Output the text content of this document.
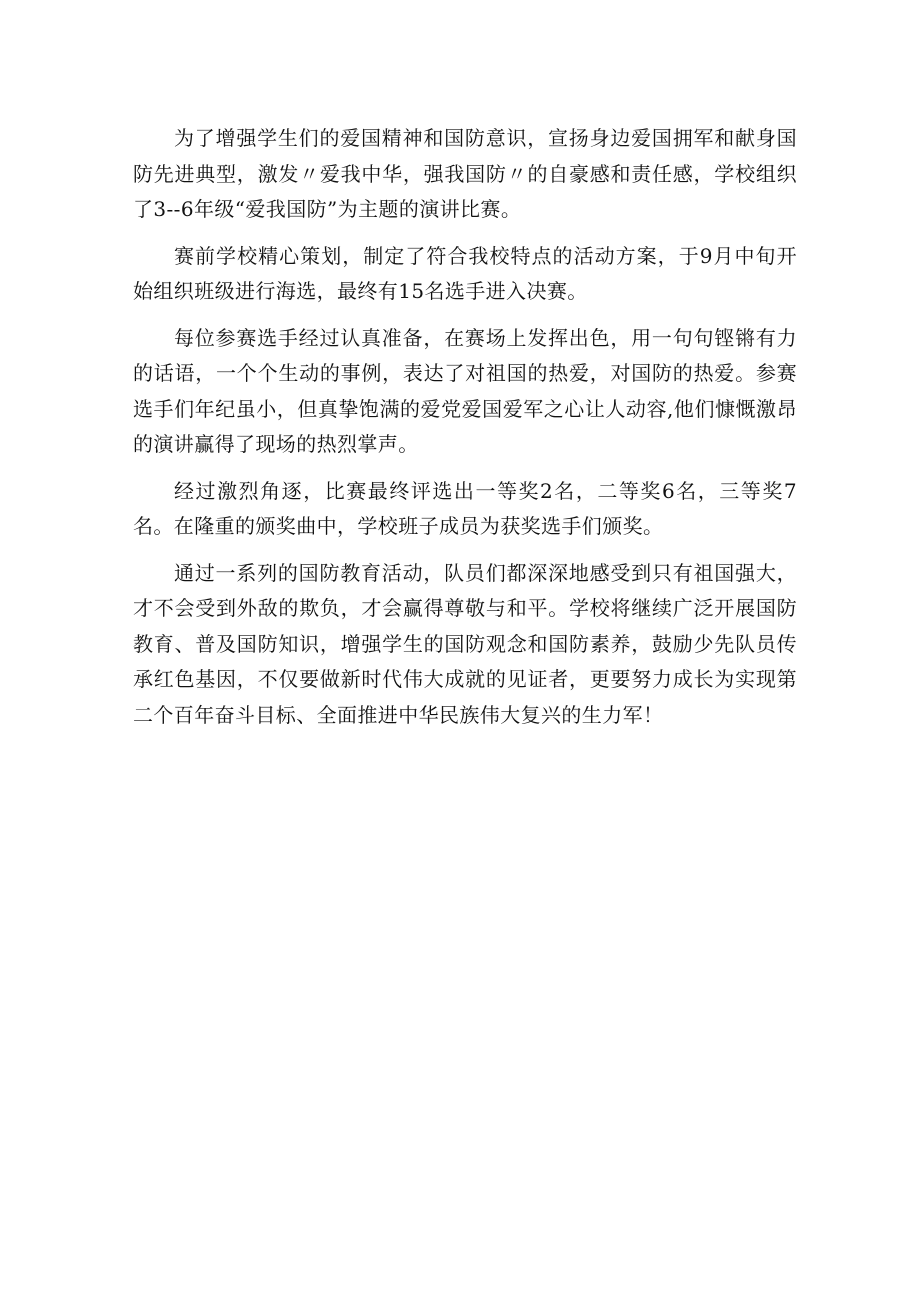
为了增强学生们的爱国精神和国防意识，宣扬身边爱国拥军和献身国防先进典型，激发〃爱我中华，强我国防〃的自豪感和责任感，学校组织了3--6年级“爱我国防”为主题的演讲比赛。

赛前学校精心策划，制定了符合我校特点的活动方案，于9月中旬开始组织班级进行海选，最终有15名选手进入决赛。

每位参赛选手经过认真准备，在赛场上发挥出色，用一句句铿锵有力的话语，一个个生动的事例，表达了对祖国的热爱，对国防的热爱。参赛选手们年纪虽小，但真挚饱满的爱党爱国爱军之心让人动容,他们慷慨激昂的演讲赢得了现场的热烈掌声。

经过激烈角逐，比赛最终评选出一等奖2名，二等奖6名，三等奖7名。在隆重的颁奖曲中，学校班子成员为获奖选手们颁奖。

通过一系列的国防教育活动，队员们都深深地感受到只有祖国强大，才不会受到外敌的欺负，才会赢得尊敬与和平。学校将继续广泛开展国防教育、普及国防知识，增强学生的国防观念和国防素养，鼓励少先队员传承红色基因，不仅要做新时代伟大成就的见证者，更要努力成长为实现第二个百年奋斗目标、全面推进中华民族伟大复兴的生力军！
